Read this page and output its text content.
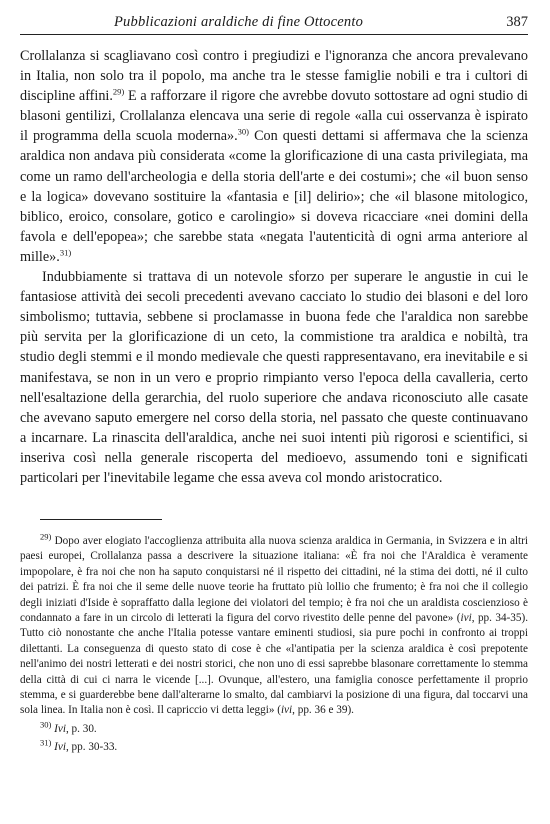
Pubblicazioni araldiche di fine Ottocento	387

Crollalanza si scagliavano così contro i pregiudizi e l'ignoranza che ancora prevalevano in Italia, non solo tra il popolo, ma anche tra le stesse famiglie nobili e tra i cultori di discipline affini.$^{29)}$ E a rafforzare il rigore che avrebbe dovuto sottostare ad ogni studio di blasoni gentilizi, Crollalanza elencava una serie di regole «alla cui osservanza è ispirato il programma della scuola moderna».$^{30)}$ Con questi dettami si affermava che la scienza araldica non andava più considerata «come la glorificazione di una casta privilegiata, ma come un ramo dell'archeologia e della storia dell'arte e dei costumi»; che «il buon senso e la logica» dovevano sostituire la «fantasia e [il] delirio»; che «il blasone mitologico, biblico, eroico, consolare, gotico e carolingio» si doveva ricacciare «nei domini della favola e dell'epopea»; che sarebbe stata «negata l'autenticità di ogni arma anteriore al mille».$^{31)}$

Indubbiamente si trattava di un notevole sforzo per superare le angustie in cui le fantasiose attività dei secoli precedenti avevano cacciato lo studio dei blasoni e del loro simbolismo; tuttavia, sebbene si proclamasse in buona fede che l'araldica non sarebbe più servita per la glorificazione di un ceto, la commistione tra araldica e nobiltà, tra studio degli stemmi e il mondo medievale che questi rappresentavano, era inevitabile e si manifestava, se non in un vero e proprio rimpianto verso l'epoca della cavalleria, certo nell'esaltazione della gerarchia, del ruolo superiore che andava riconosciuto alle casate che avevano saputo emergere nel corso della storia, nel passato che queste continuavano a incarnare. La rinascita dell'araldica, anche nei suoi intenti più rigorosi e scientifici, si inseriva così nella generale riscoperta del medioevo, assumendo toni e significati particolari per l'inevitabile legame che essa aveva col mondo aristocratico.

$^{29)}$ Dopo aver elogiato l'accoglienza attribuita alla nuova scienza araldica in Germania, in Svizzera e in altri paesi europei, Crollalanza passa a descrivere la situazione italiana: «È fra noi che l'Araldica è veramente impopolare, è fra noi che non ha saputo conquistarsi né il rispetto dei cittadini, né la stima dei dotti, né il culto dei patrizi. È fra noi che il seme delle nuove teorie ha fruttato più lollio che frumento; è fra noi che il collegio degli iniziati d'Iside è sopraffatto dalla legione dei violatori del tempio; è fra noi che un araldista coscienzioso è condannato a fare in un circolo di letterati la figura del corvo rivestito delle penne del pavone» (ivi, pp. 34-35). Tutto ciò nonostante che anche l'Italia potesse vantare eminenti studiosi, sia pure pochi in confronto ai troppi dilettanti. La conseguenza di questo stato di cose è che «l'antipatia per la scienza araldica è così prepotente nell'animo dei nostri letterati e dei nostri storici, che non uno di essi saprebbe blasonare correttamente lo stemma della città di cui ci narra le vicende [...]. Ovunque, all'estero, una famiglia conosce perfettamente il proprio stemma, e si guarderebbe bene dall'alterarne lo smalto, dal cambiarvi la posizione di una figura, dal toccarvi una sola linea. In Italia non è così. Il capriccio vi detta leggi» (ivi, pp. 36 e 39).

$^{30)}$ Ivi, p. 30.

$^{31)}$ Ivi, pp. 30-33.
